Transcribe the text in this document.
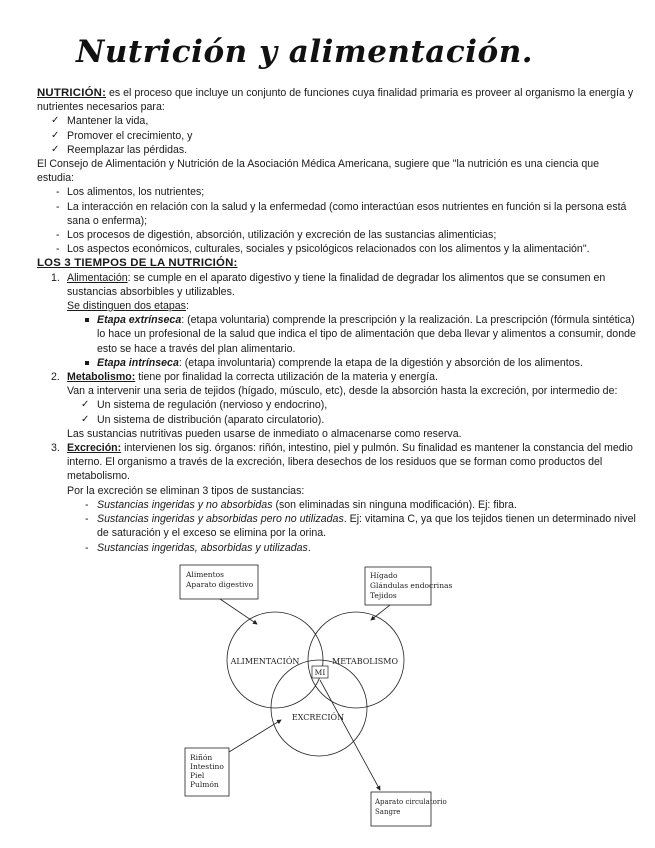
Nutrición y alimentación.

NUTRICIÓN: es el proceso que incluye un conjunto de funciones cuya finalidad primaria es proveer al organismo la energía y nutrientes necesarios para:

✓ Mantener la vida,
✓ Promover el crecimiento, y
✓ Reemplazar las pérdidas.

El Consejo de Alimentación y Nutrición de la Asociación Médica Americana, sugiere que "la nutrición es una ciencia que estudia:

- Los alimentos, los nutrientes;
- La interacción en relación con la salud y la enfermedad (como interactúan esos nutrientes en función si la persona está sana o enferma);
- Los procesos de digestión, absorción, utilización y excreción de las sustancias alimenticias;
- Los aspectos económicos, culturales, sociales y psicológicos relacionados con los alimentos y la alimentación".
LOS 3 TIEMPOS DE LA NUTRICIÓN:
1. Alimentación: se cumple en el aparato digestivo y tiene la finalidad de degradar los alimentos que se consumen en sustancias absorbibles y utilizables.

Se distinguen dos etapas:

Etapa extrínseca: (etapa voluntaria) comprende la prescripción y la realización. La prescripción (fórmula sintética) lo hace un profesional de la salud que indica el tipo de alimentación que deba llevar y alimentos a consumir, donde esto se hace a través del plan alimentario.
Etapa intrínseca: (etapa involuntaria) comprende la etapa de la digestión y absorción de los alimentos.
2. Metabolismo: tiene por finalidad la correcta utilización de la materia y energía.

Van a intervenir una seria de tejidos (hígado, músculo, etc), desde la absorción hasta la excreción, por intermedio de:

✓ Un sistema de regulación (nervioso y endocrino),
✓ Un sistema de distribución (aparato circulatorio).

Las sustancias nutritivas pueden usarse de inmediato o almacenarse como reserva.

3. Excreción: intervienen los sig. órganos: riñón, intestino, piel y pulmón. Su finalidad es mantener la constancia del medio interno. El organismo a través de la excreción, libera desechos de los residuos que se forman como productos del metabolismo.

Por la excreción se eliminan 3 tipos de sustancias:

- Sustancias ingeridas y no absorbidas (son eliminadas sin ninguna modificación). Ej: fibra.
- Sustancias ingeridas y absorbidas pero no utilizadas. Ej: vitamina C, ya que los tejidos tienen un determinado nivel de saturación y el exceso se elimina por la orina.
- Sustancias ingeridas, absorbidas y utilizadas.
Alimentos
Aparato digestivo
Hígado
Glándulas endocrinas
Tejidos
Riñón
Intestino
Piel
Pulmón
Aparato circulatorio
Sangre
ALIMENTACIÓN	METABOLISMO
EXCRECIÓN
MI
